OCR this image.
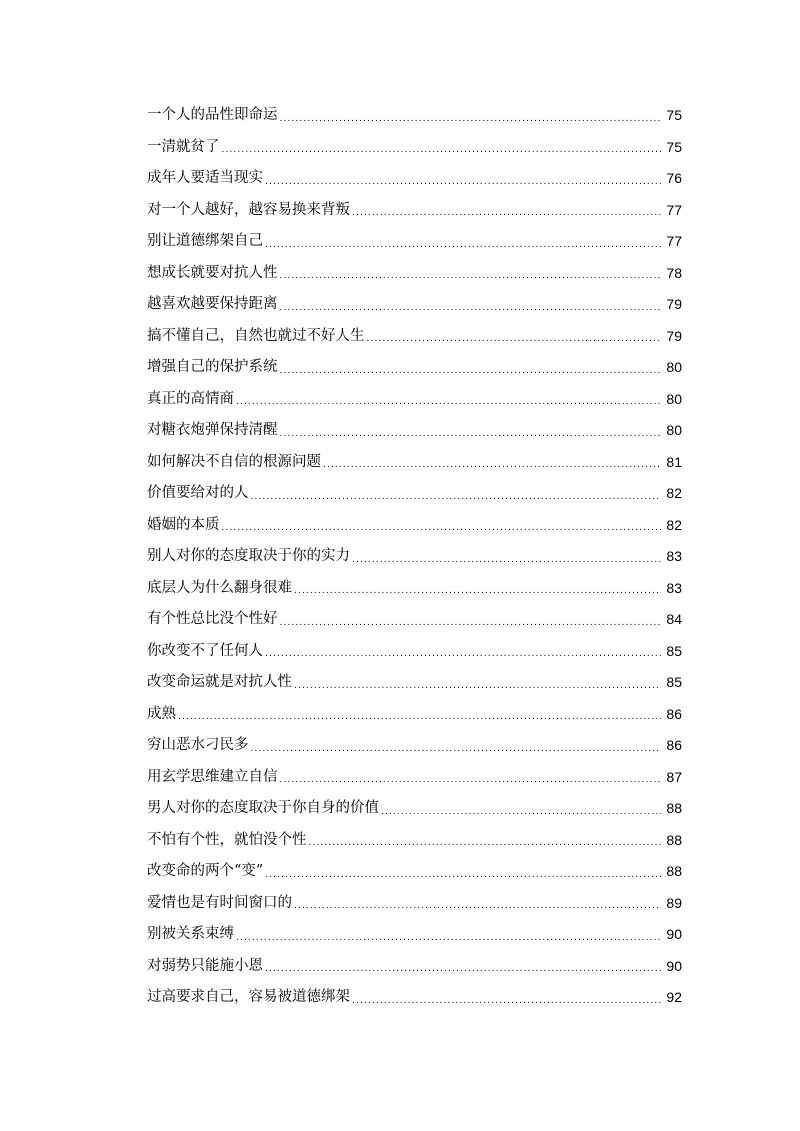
一个人的品性即命运 .....	75
一清就贫了 .....	75
成年人要适当现实 .....	76
对一个人越好，越容易换来背叛 .....	77
别让道德绑架自己 .....	77
想成长就要对抗人性 .....	78
越喜欢越要保持距离 .....	79
搞不懂自己，自然也就过不好人生 .....	79
增强自己的保护系统 .....	80
真正的高情商 .....	80
对糖衣炮弹保持清醒 .....	80
如何解决不自信的根源问题 .....	81
价值要给对的人 .....	82
婚姻的本质 .....	82
别人对你的态度取决于你的实力 .....	83
底层人为什么翻身很难 .....	83
有个性总比没个性好 .....	84
你改变不了任何人 .....	85
改变命运就是对抗人性 .....	85
成熟 .....	86
穷山恶水刁民多 .....	86
用玄学思维建立自信 .....	87
男人对你的态度取决于你自身的价值 .....	88
不怕有个性，就怕没个性 .....	88
改变命的两个“变” .....	88
爱情也是有时间窗口的 .....	89
别被关系束缚 .....	90
对弱势只能施小恩 .....	90
过高要求自己，容易被道德绑架 .....	92
